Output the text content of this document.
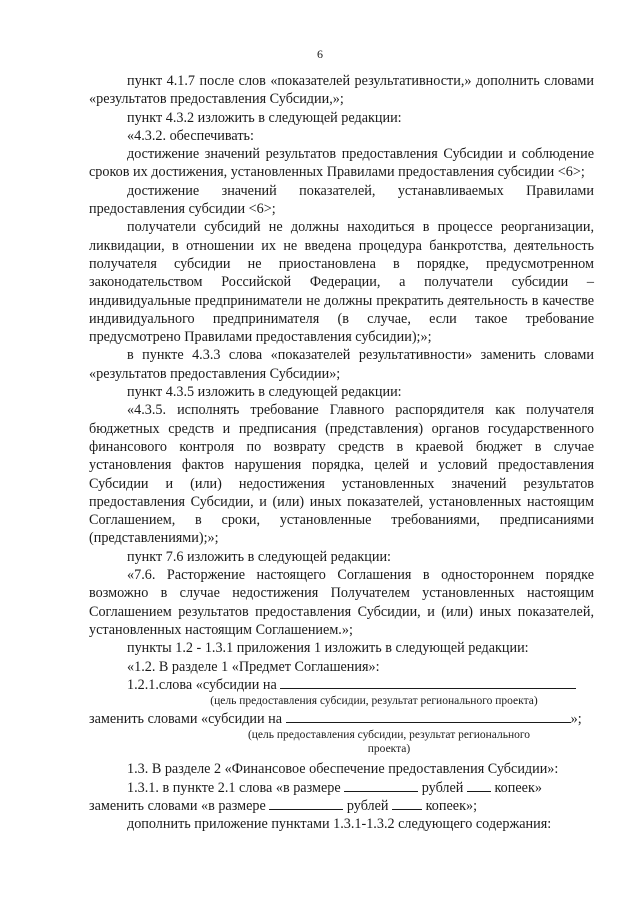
6

пункт 4.1.7 после слов «показателей результативности,» дополнить словами «результатов предоставления Субсидии,»;

пункт 4.3.2 изложить в следующей редакции:

«4.3.2. обеспечивать:

достижение значений результатов предоставления Субсидии и соблюдение сроков их достижения, установленных Правилами предоставления субсидии <6>;

достижение значений показателей, устанавливаемых Правилами предоставления субсидии <6>;

получатели субсидий не должны находиться в процессе реорганизации, ликвидации, в отношении их не введена процедура банкротства, деятельность получателя субсидии не приостановлена в порядке, предусмотренном законодательством Российской Федерации, а получатели субсидии – индивидуальные предприниматели не должны прекратить деятельность в качестве индивидуального предпринимателя (в случае, если такое требование предусмотрено Правилами предоставления субсидии);»;

в пункте 4.3.3 слова «показателей результативности» заменить словами «результатов предоставления Субсидии»;

пункт 4.3.5 изложить в следующей редакции:

«4.3.5. исполнять требование Главного распорядителя как получателя бюджетных средств и предписания (представления) органов государственного финансового контроля по возврату средств в краевой бюджет в случае установления фактов нарушения порядка, целей и условий предоставления Субсидии и (или) недостижения установленных значений результатов предоставления Субсидии, и (или) иных показателей, установленных настоящим Соглашением, в сроки, установленные требованиями, предписаниями (представлениями);»;

пункт 7.6 изложить в следующей редакции:

«7.6. Расторжение настоящего Соглашения в одностороннем порядке возможно в случае недостижения Получателем установленных настоящим Соглашением результатов предоставления Субсидии, и (или) иных показателей, установленных настоящим Соглашением.»;

пункты 1.2 - 1.3.1 приложения 1 изложить в следующей редакции:

«1.2. В разделе 1 «Предмет Соглашения»:

1.2.1.слова «субсидии на

(цель предоставления субсидии, результат регионального проекта)

заменить словами «субсидии на	»;

(цель предоставления субсидии, результат регионального проекта)

1.3. В разделе 2 «Финансовое обеспечение предоставления Субсидии»:

1.3.1. в пункте 2.1 слова «в размере	рублей копеек»

заменить словами «в размере	рублей	копеек»;

дополнить приложение пунктами 1.3.1-1.3.2 следующего содержания:
